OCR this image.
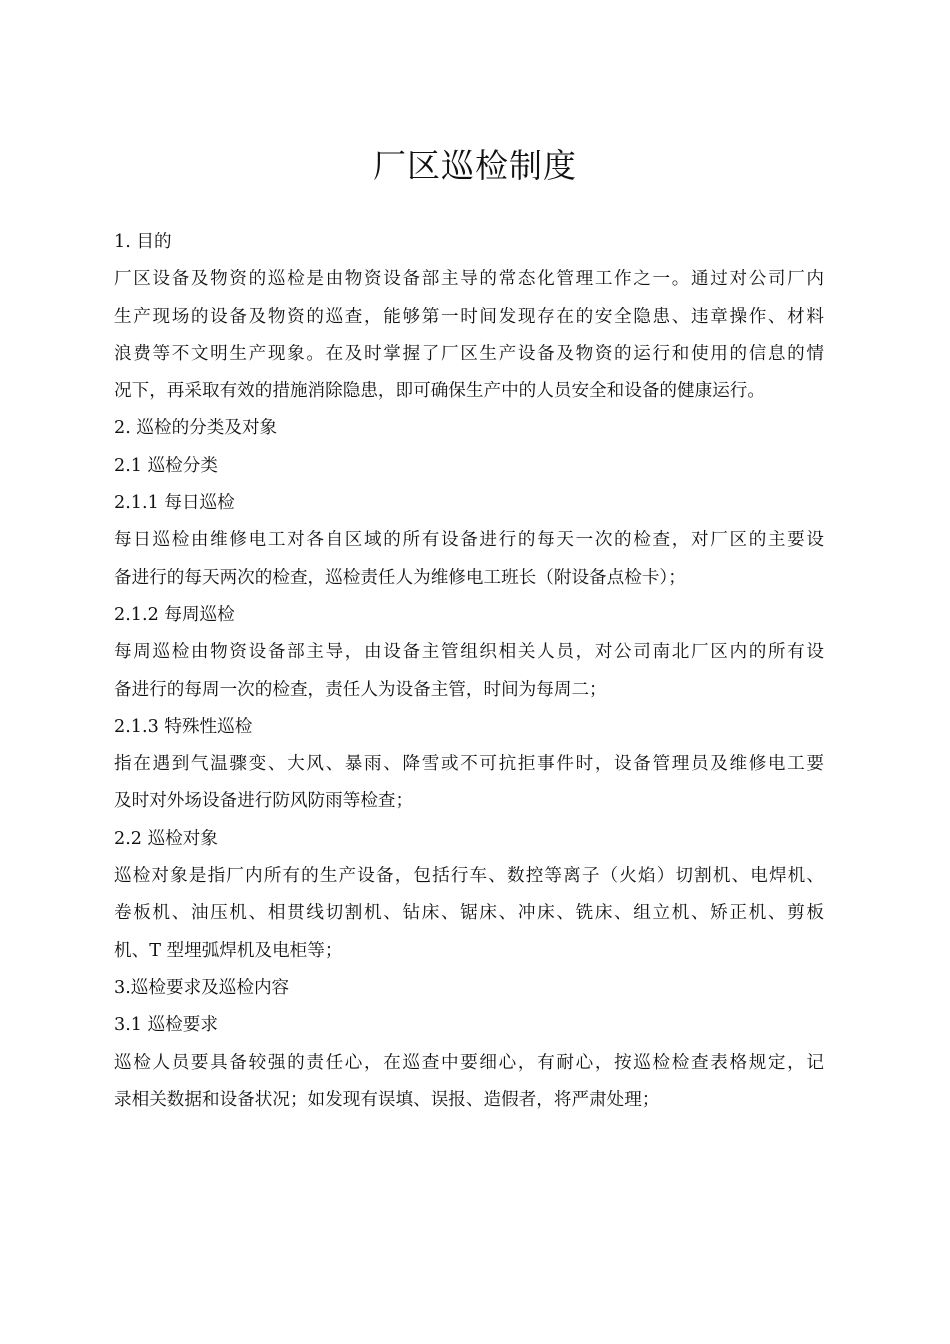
厂区巡检制度
1. 目的
厂区设备及物资的巡检是由物资设备部主导的常态化管理工作之一。通过对公司厂内
生产现场的设备及物资的巡查，能够第一时间发现存在的安全隐患、违章操作、材料
浪费等不文明生产现象。在及时掌握了厂区生产设备及物资的运行和使用的信息的情
况下，再采取有效的措施消除隐患，即可确保生产中的人员安全和设备的健康运行。
2. 巡检的分类及对象
2.1 巡检分类
2.1.1 每日巡检
每日巡检由维修电工对各自区域的所有设备进行的每天一次的检查，对厂区的主要设
备进行的每天两次的检查，巡检责任人为维修电工班长（附设备点检卡）；
2.1.2 每周巡检
每周巡检由物资设备部主导，由设备主管组织相关人员，对公司南北厂区内的所有设
备进行的每周一次的检查，责任人为设备主管，时间为每周二；
2.1.3 特殊性巡检
指在遇到气温骤变、大风、暴雨、降雪或不可抗拒事件时，设备管理员及维修电工要
及时对外场设备进行防风防雨等检查；
2.2 巡检对象
巡检对象是指厂内所有的生产设备，包括行车、数控等离子（火焰）切割机、电焊机、
卷板机、油压机、相贯线切割机、钻床、锯床、冲床、铣床、组立机、矫正机、剪板
机、T 型埋弧焊机及电柜等；
3.巡检要求及巡检内容
3.1 巡检要求
巡检人员要具备较强的责任心，在巡查中要细心，有耐心，按巡检检查表格规定，记
录相关数据和设备状况；如发现有误填、误报、造假者，将严肃处理；
